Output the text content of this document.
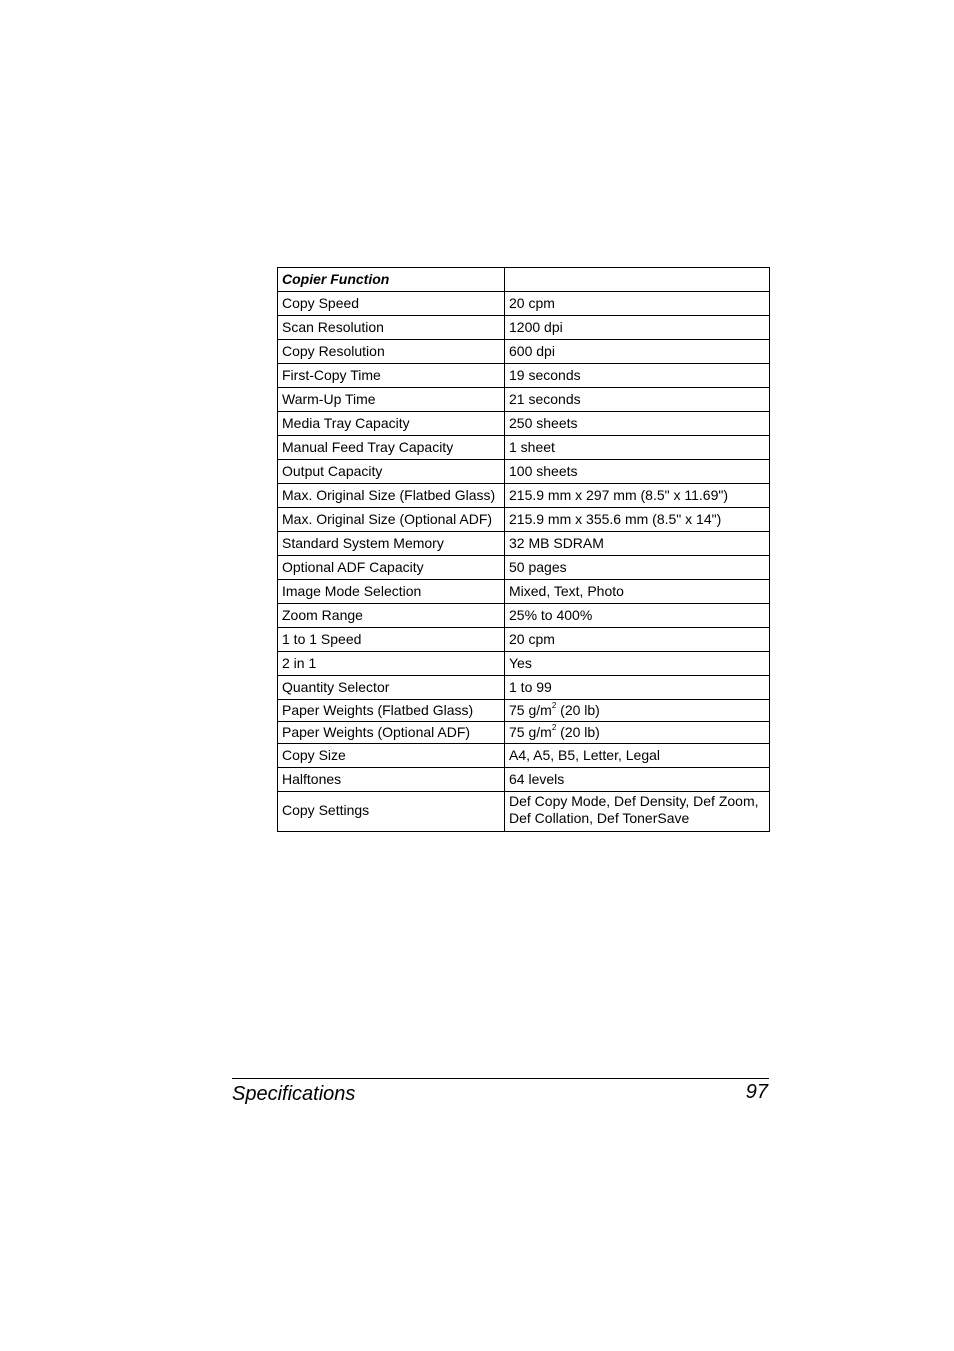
Copier Function	
Copy Speed	20 cpm
Scan Resolution	1200 dpi
Copy Resolution	600 dpi
First-Copy Time	19 seconds
Warm-Up Time	21 seconds
Media Tray Capacity	250 sheets
Manual Feed Tray Capacity	1 sheet
Output Capacity	100 sheets
Max. Original Size (Flatbed Glass)	215.9 mm x 297 mm (8.5" x 11.69")
Max. Original Size (Optional ADF)	215.9 mm x 355.6 mm (8.5" x 14")
Standard System Memory	32 MB SDRAM
Optional ADF Capacity	50 pages
Image Mode Selection	Mixed, Text, Photo
Zoom Range	25% to 400%
1 to 1 Speed	20 cpm
2 in 1	Yes
Quantity Selector	1 to 99
Paper Weights (Flatbed Glass)	75 $g/m^2$ (20 lb)
Paper Weights (Optional ADF)	75 $g/m^2$ (20 lb)
Copy Size	A4, A5, B5, Letter, Legal
Halftones	64 levels
Copy Settings	Def Copy Mode, Def Density, Def Zoom,
Def Collation, Def TonerSave
Specifications	97
